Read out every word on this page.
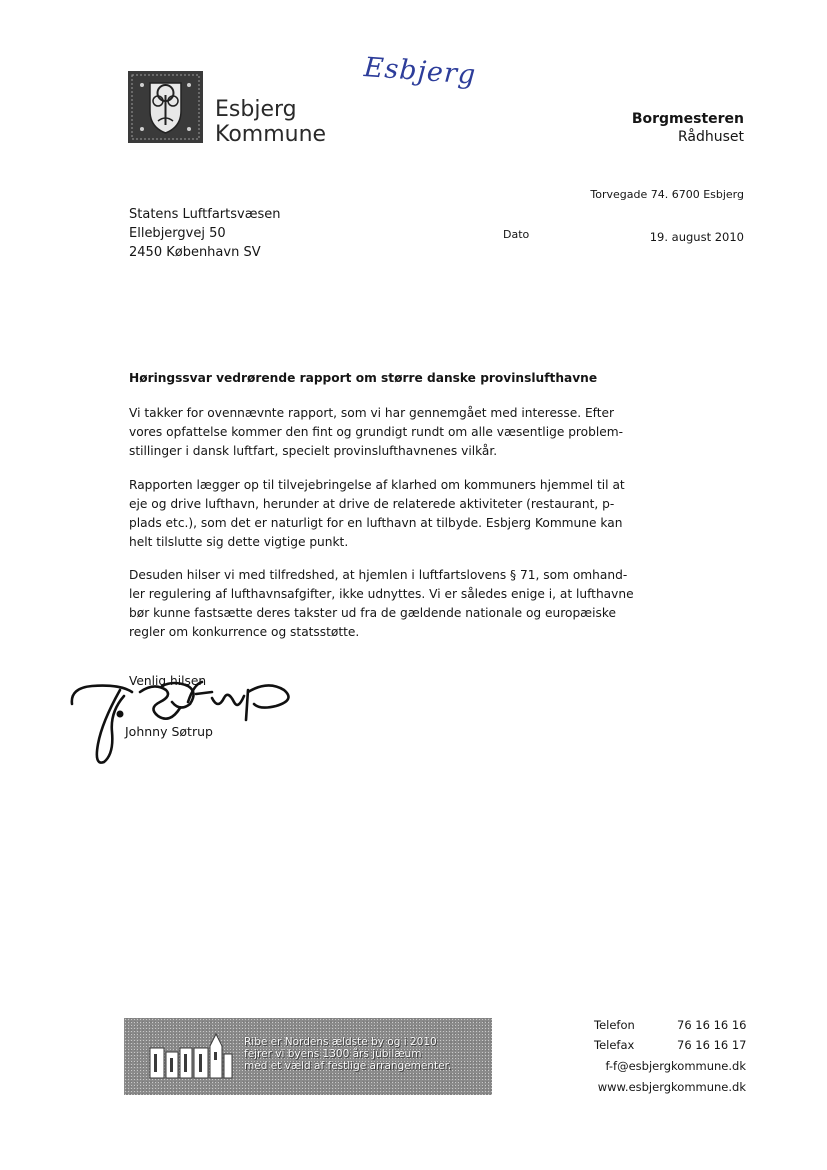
Esbjerg
Esbjerg
Kommune
Borgmesteren
Rådhuset
Torvegade 74. 6700 Esbjerg
Dato	19. august 2010
Statens Luftfartsvæsen
Ellebjergvej 50
2450 København SV
Høringssvar vedrørende rapport om større danske provinslufthavne
Vi takker for ovennævnte rapport, som vi har gennemgået med interesse. Efter
vores opfattelse kommer den fint og grundigt rundt om alle væsentlige problem-
stillinger i dansk luftfart, specielt provinslufthavnenes vilkår.
Rapporten lægger op til tilvejebringelse af klarhed om kommuners hjemmel til at
eje og drive lufthavn, herunder at drive de relaterede aktiviteter (restaurant, p-
plads etc.), som det er naturligt for en lufthavn at tilbyde. Esbjerg Kommune kan
helt tilslutte sig dette vigtige punkt.
Desuden hilser vi med tilfredshed, at hjemlen i luftfartslovens § 71, som omhand-
ler regulering af lufthavnsafgifter, ikke udnyttes. Vi er således enige i, at lufthavne
bør kunne fastsætte deres takster ud fra de gældende nationale og europæiske
regler om konkurrence og statsstøtte.
Venlig hilsen
Johnny Søtrup
Ribe er Nordens ældste by og i 2010
fejrer vi byens 1300 års jubilæum
med et væld af festlige arrangementer.
Telefon	76 16 16 16
Telefax	76 16 16 17
f-f@esbjergkommune.dk
www.esbjergkommune.dk
